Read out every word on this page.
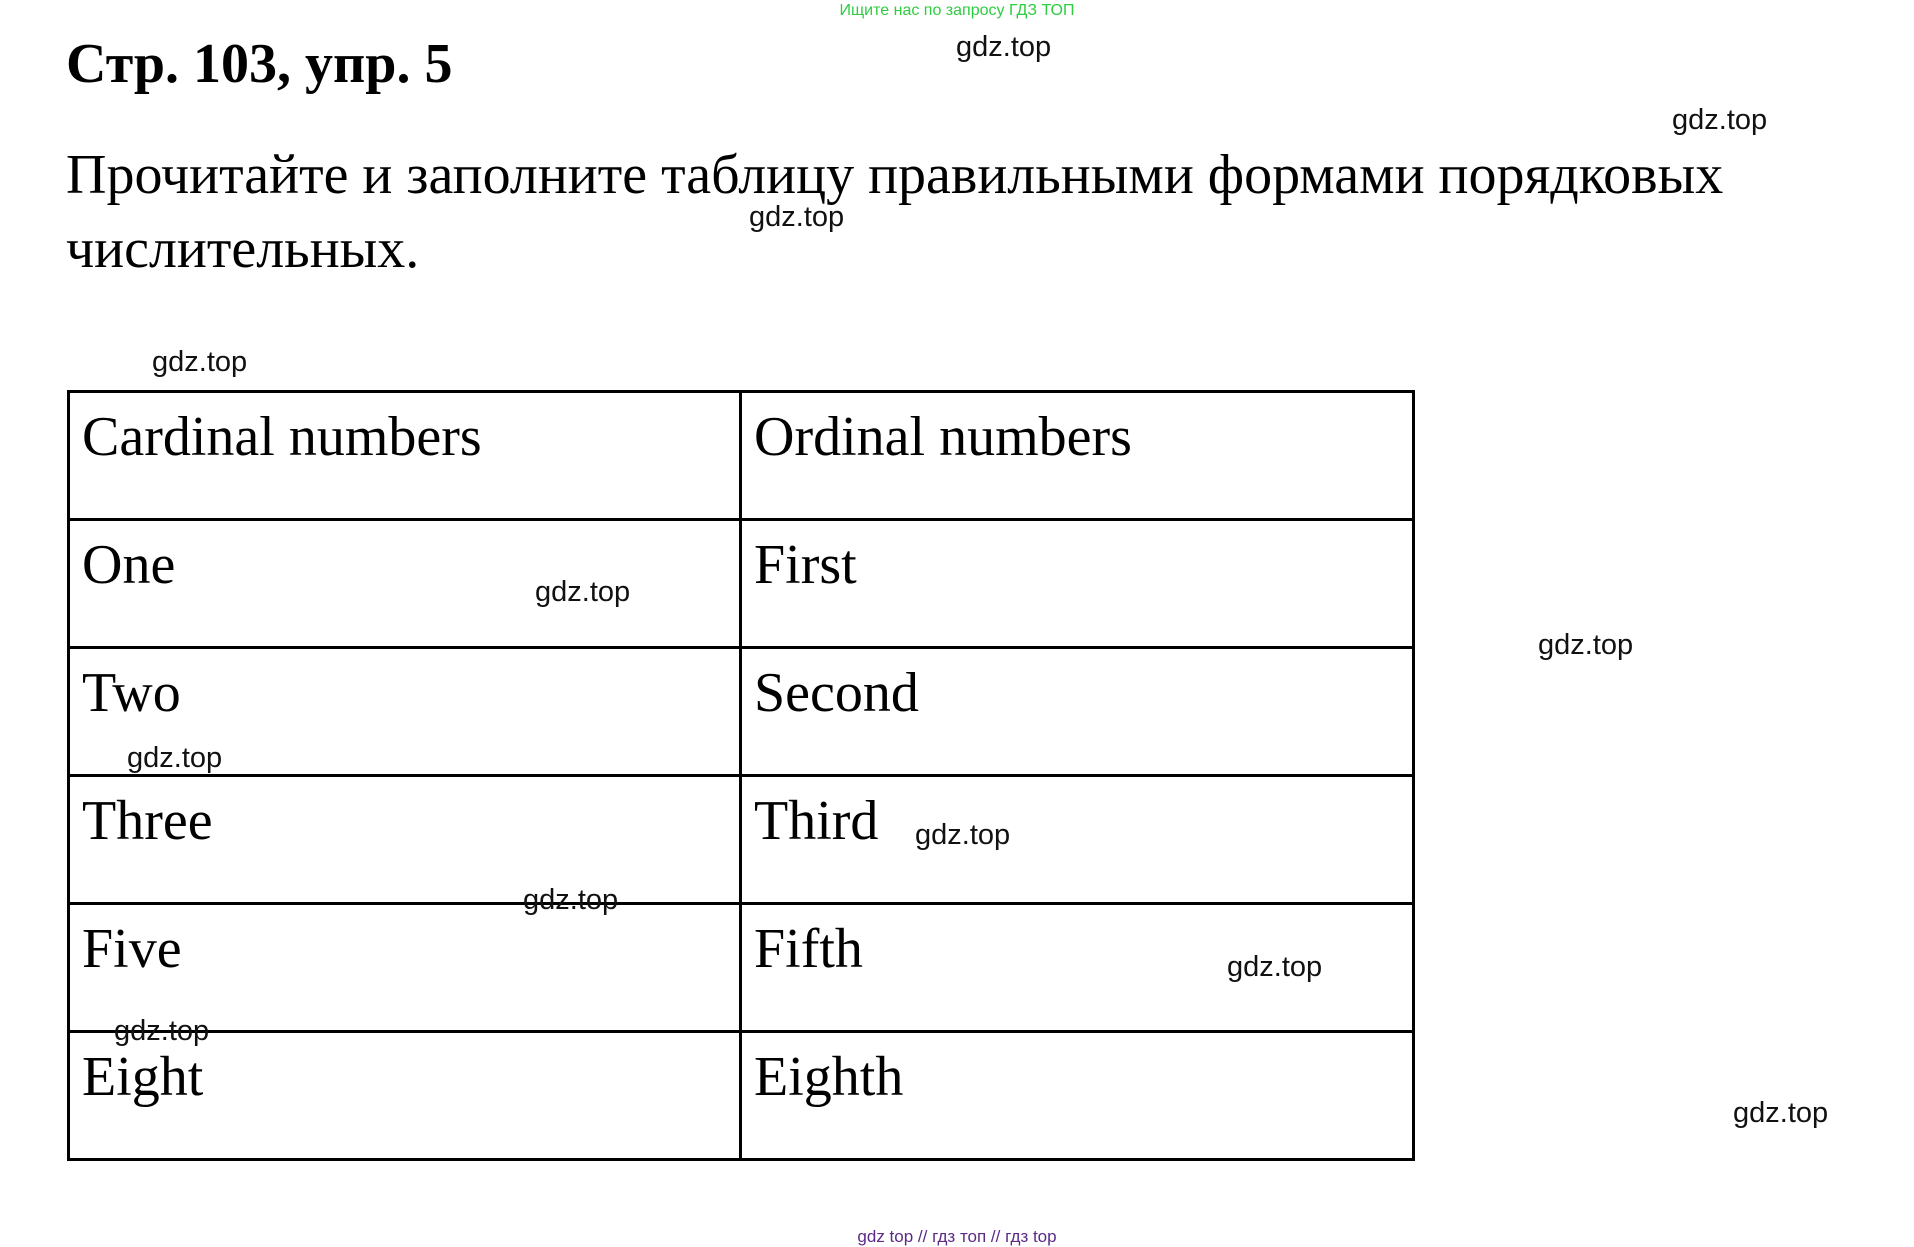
Ищите нас по запросу ГДЗ ТОП
Стр. 103, упр. 5
Прочитайте и заполните таблицу правильными формами порядковых числительных.
Cardinal numbers	Ordinal numbers
One	First
Two	Second
Three	Third
Five	Fifth
Eight	Eighth
gdz.top
gdz.top
gdz.top
gdz.top
gdz.top
gdz.top
gdz.top
gdz.top
gdz.top
gdz.top
gdz.top
gdz.top
gdz top // гдз топ // гдз top
